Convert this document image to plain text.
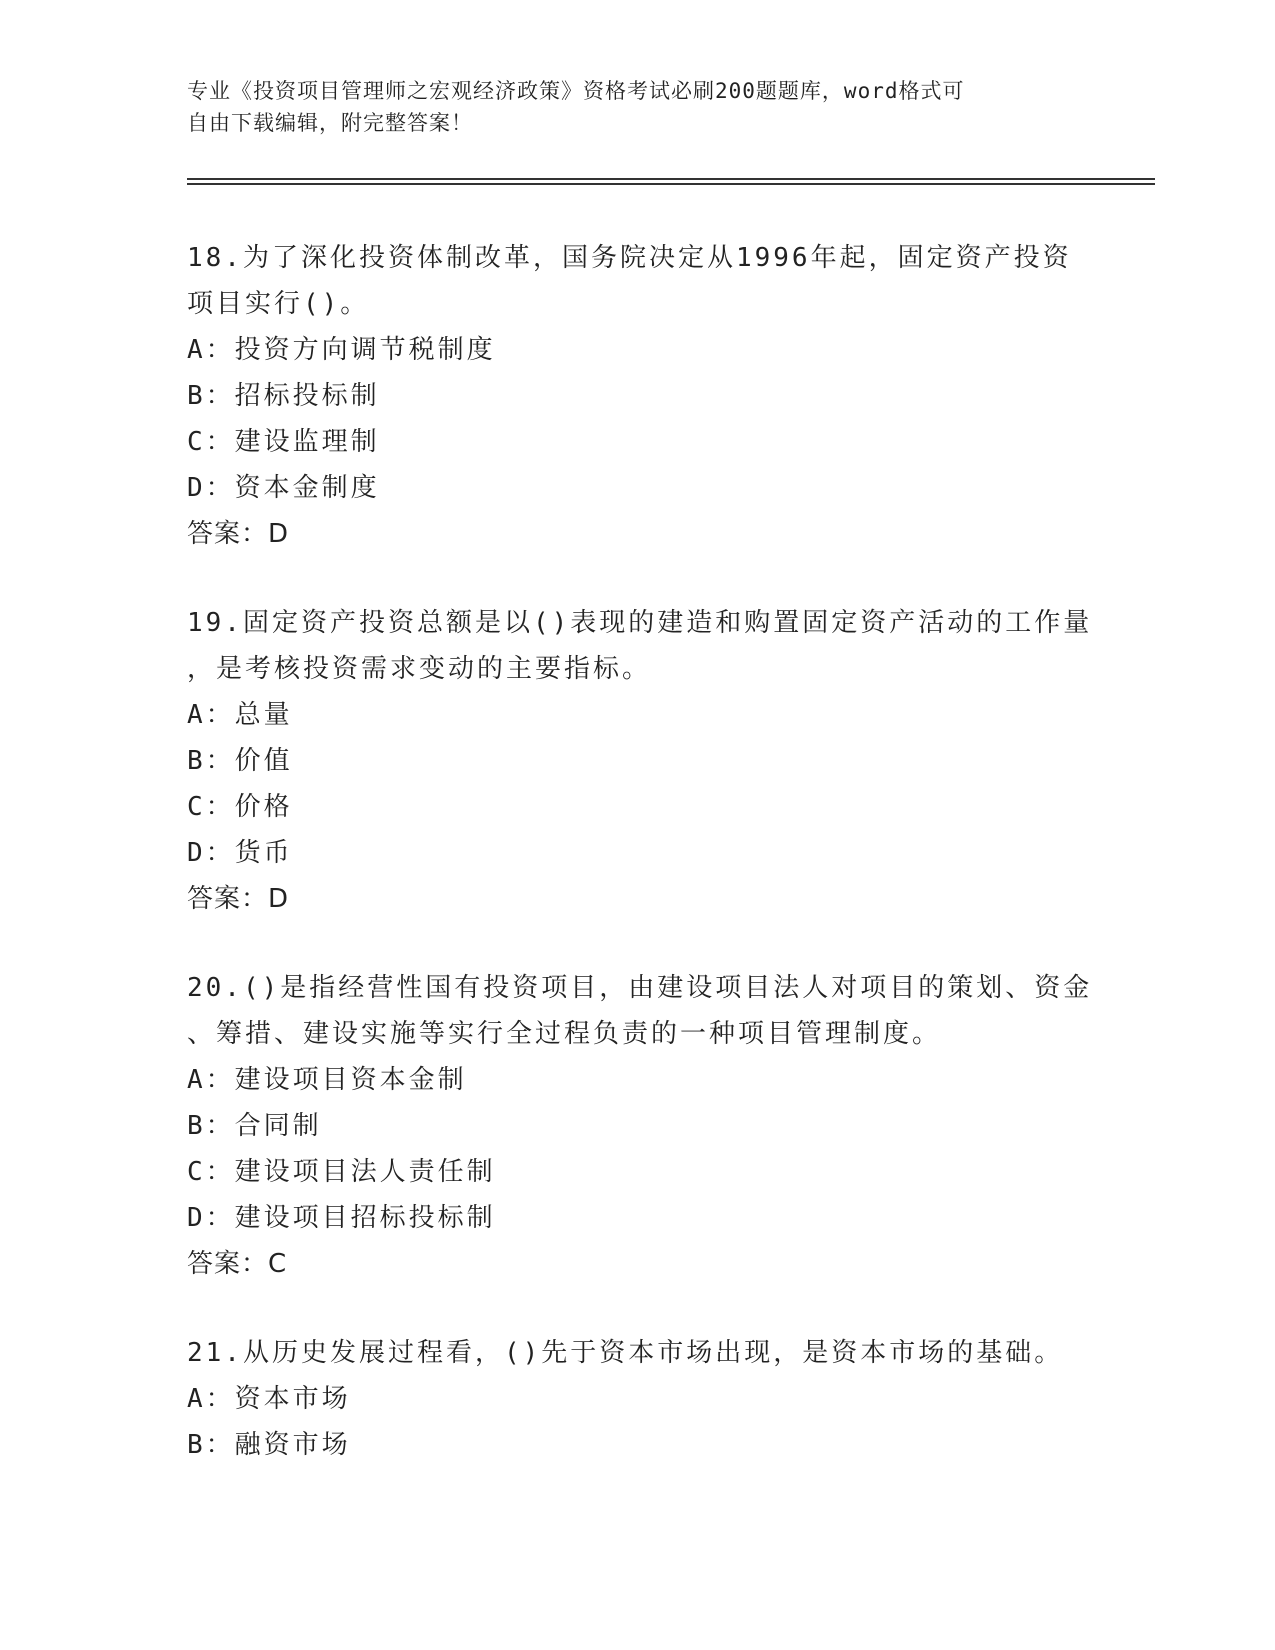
专业《投资项目管理师之宏观经济政策》资格考试必刷200题题库，word格式可
自由下载编辑，附完整答案！
18.为了深化投资体制改革，国务院决定从1996年起，固定资产投资
项目实行()。
A：投资方向调节税制度
B：招标投标制
C：建设监理制
D：资本金制度
答案：D
19.固定资产投资总额是以()表现的建造和购置固定资产活动的工作量
，是考核投资需求变动的主要指标。
A：总量
B：价值
C：价格
D：货币
答案：D
20.()是指经营性国有投资项目，由建设项目法人对项目的策划、资金
、筹措、建设实施等实行全过程负责的一种项目管理制度。
A：建设项目资本金制
B：合同制
C：建设项目法人责任制
D：建设项目招标投标制
答案：C
21.从历史发展过程看，()先于资本市场出现，是资本市场的基础。
A：资本市场
B：融资市场
